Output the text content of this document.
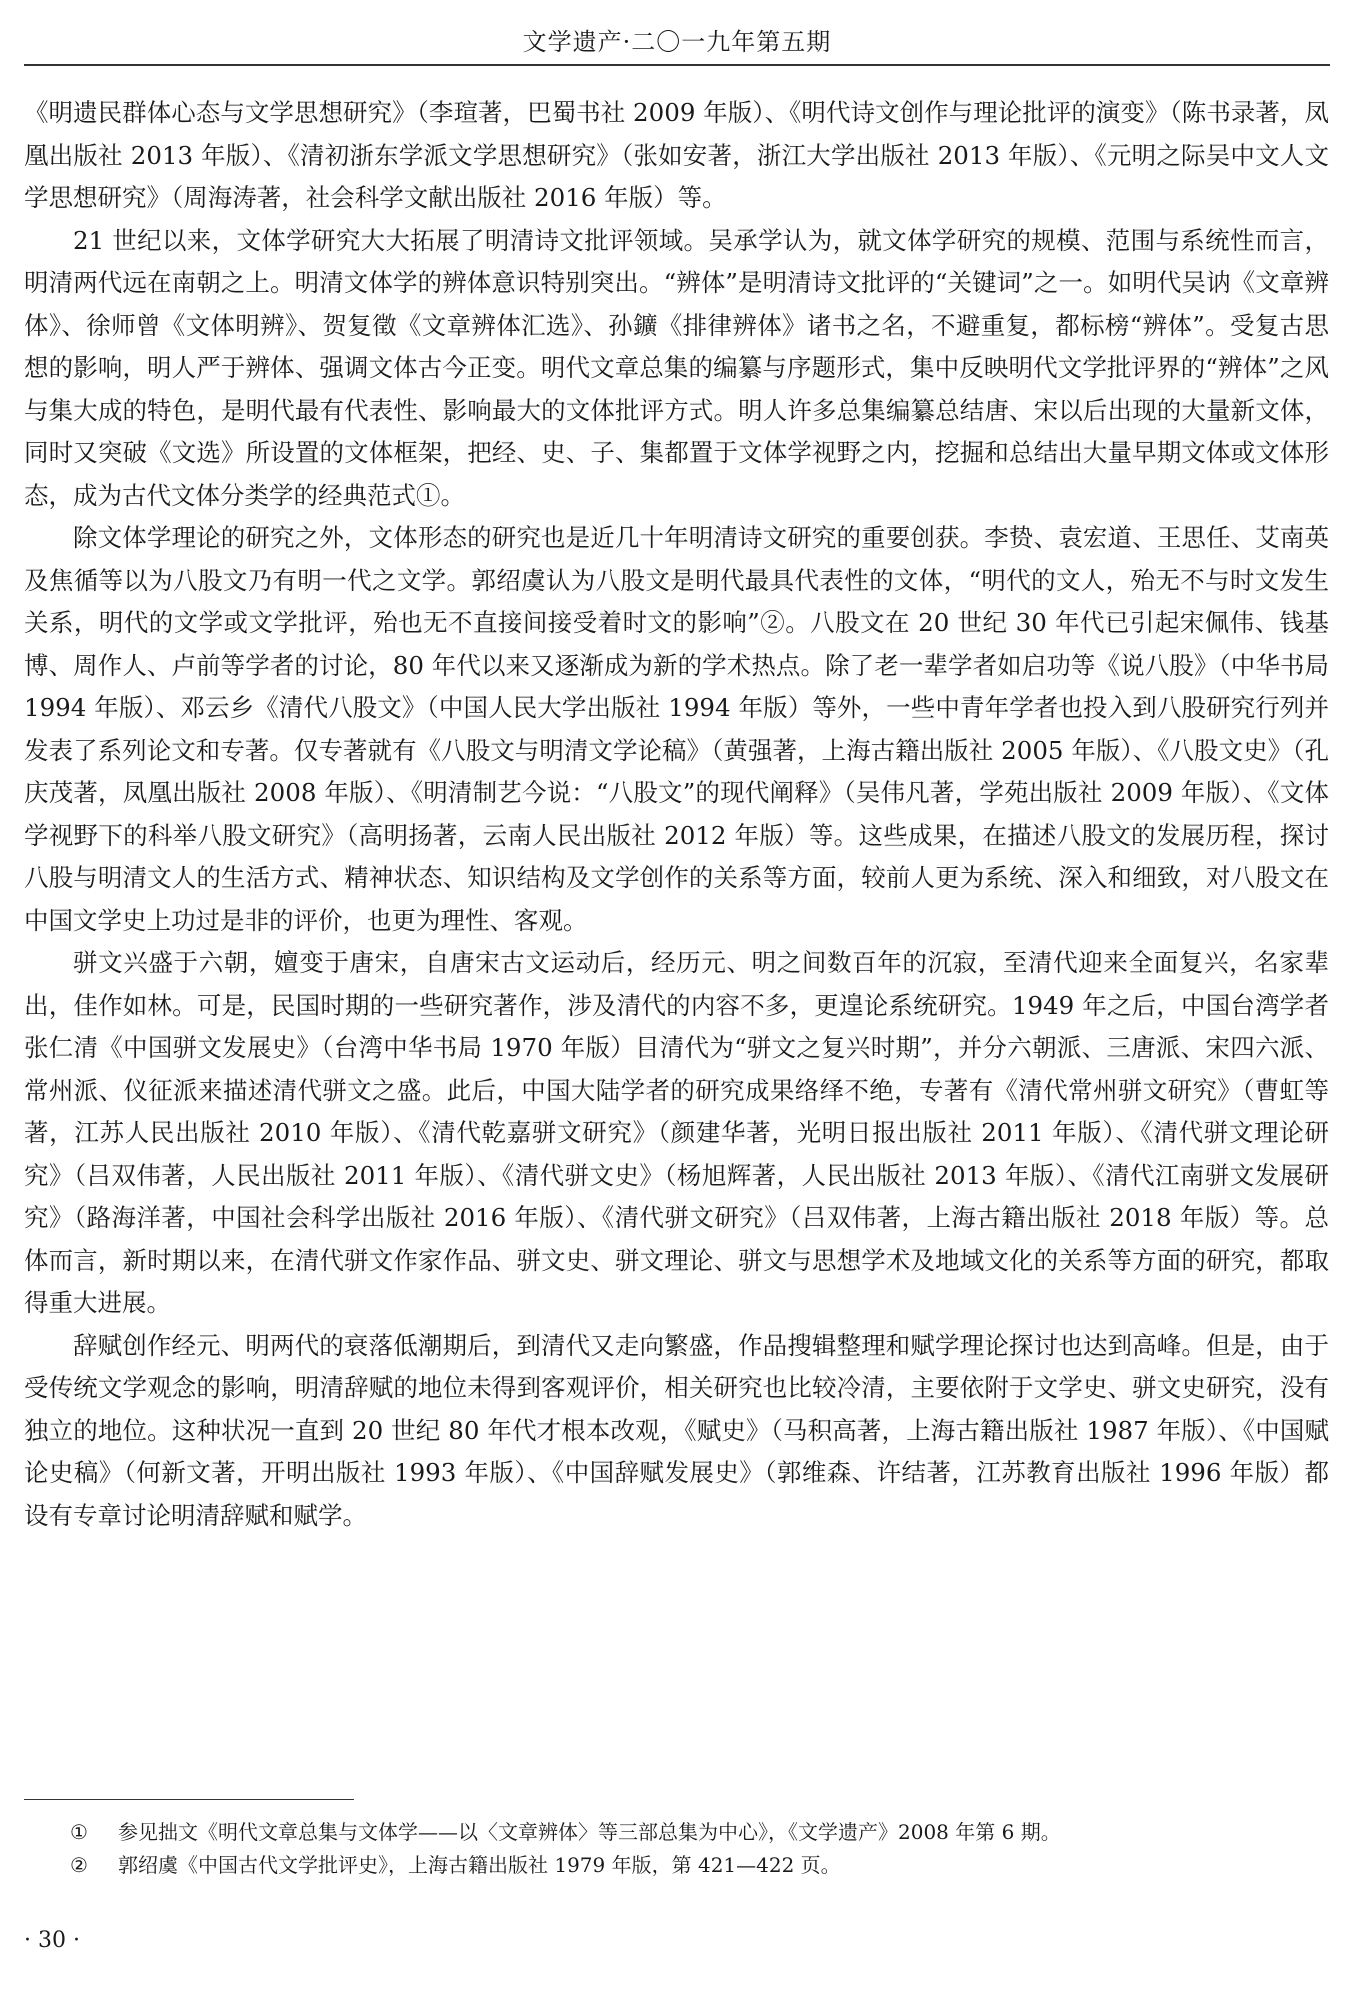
文学遗产·二〇一九年第五期

《明遗民群体心态与文学思想研究》（李瑄著，巴蜀书社 2009 年版）、《明代诗文创作与理论批评的演变》（陈书录著，凤凰出版社 2013 年版）、《清初浙东学派文学思想研究》（张如安著，浙江大学出版社 2013 年版）、《元明之际吴中文人文学思想研究》（周海涛著，社会科学文献出版社 2016 年版）等。

21 世纪以来，文体学研究大大拓展了明清诗文批评领域。吴承学认为，就文体学研究的规模、范围与系统性而言，明清两代远在南朝之上。明清文体学的辨体意识特别突出。“辨体”是明清诗文批评的“关键词”之一。如明代吴讷《文章辨体》、徐师曾《文体明辨》、贺复徵《文章辨体汇选》、孙鑛《排律辨体》诸书之名，不避重复，都标榜“辨体”。受复古思想的影响，明人严于辨体、强调文体古今正变。明代文章总集的编纂与序题形式，集中反映明代文学批评界的“辨体”之风与集大成的特色，是明代最有代表性、影响最大的文体批评方式。明人许多总集编纂总结唐、宋以后出现的大量新文体，同时又突破《文选》所设置的文体框架，把经、史、子、集都置于文体学视野之内，挖掘和总结出大量早期文体或文体形态，成为古代文体分类学的经典范式①。

除文体学理论的研究之外，文体形态的研究也是近几十年明清诗文研究的重要创获。李贽、袁宏道、王思任、艾南英及焦循等以为八股文乃有明一代之文学。郭绍虞认为八股文是明代最具代表性的文体，“明代的文人，殆无不与时文发生关系，明代的文学或文学批评，殆也无不直接间接受着时文的影响”②。八股文在 20 世纪 30 年代已引起宋佩伟、钱基博、周作人、卢前等学者的讨论，80 年代以来又逐渐成为新的学术热点。除了老一辈学者如启功等《说八股》（中华书局 1994 年版）、邓云乡《清代八股文》（中国人民大学出版社 1994 年版）等外，一些中青年学者也投入到八股研究行列并发表了系列论文和专著。仅专著就有《八股文与明清文学论稿》（黄强著，上海古籍出版社 2005 年版）、《八股文史》（孔庆茂著，凤凰出版社 2008 年版）、《明清制艺今说：“八股文”的现代阐释》（吴伟凡著，学苑出版社 2009 年版）、《文体学视野下的科举八股文研究》（高明扬著，云南人民出版社 2012 年版）等。这些成果，在描述八股文的发展历程，探讨八股与明清文人的生活方式、精神状态、知识结构及文学创作的关系等方面，较前人更为系统、深入和细致，对八股文在中国文学史上功过是非的评价，也更为理性、客观。

骈文兴盛于六朝，嬗变于唐宋，自唐宋古文运动后，经历元、明之间数百年的沉寂，至清代迎来全面复兴，名家辈出，佳作如林。可是，民国时期的一些研究著作，涉及清代的内容不多，更遑论系统研究。1949 年之后，中国台湾学者张仁清《中国骈文发展史》（台湾中华书局 1970 年版）目清代为“骈文之复兴时期”，并分六朝派、三唐派、宋四六派、常州派、仪征派来描述清代骈文之盛。此后，中国大陆学者的研究成果络绎不绝，专著有《清代常州骈文研究》（曹虹等著，江苏人民出版社 2010 年版）、《清代乾嘉骈文研究》（颜建华著，光明日报出版社 2011 年版）、《清代骈文理论研究》（吕双伟著，人民出版社 2011 年版）、《清代骈文史》（杨旭辉著，人民出版社 2013 年版）、《清代江南骈文发展研究》（路海洋著，中国社会科学出版社 2016 年版）、《清代骈文研究》（吕双伟著，上海古籍出版社 2018 年版）等。总体而言，新时期以来，在清代骈文作家作品、骈文史、骈文理论、骈文与思想学术及地域文化的关系等方面的研究，都取得重大进展。

辞赋创作经元、明两代的衰落低潮期后，到清代又走向繁盛，作品搜辑整理和赋学理论探讨也达到高峰。但是，由于受传统文学观念的影响，明清辞赋的地位未得到客观评价，相关研究也比较冷清，主要依附于文学史、骈文史研究，没有独立的地位。这种状况一直到 20 世纪 80 年代才根本改观，《赋史》（马积高著，上海古籍出版社 1987 年版）、《中国赋论史稿》（何新文著，开明出版社 1993 年版）、《中国辞赋发展史》（郭维森、许结著，江苏教育出版社 1996 年版）都设有专章讨论明清辞赋和赋学。

①	参见拙文《明代文章总集与文体学——以〈文章辨体〉等三部总集为中心》，《文学遗产》2008 年第 6 期。
②	郭绍虞《中国古代文学批评史》，上海古籍出版社 1979 年版，第 421—422 页。
· 30 ·
